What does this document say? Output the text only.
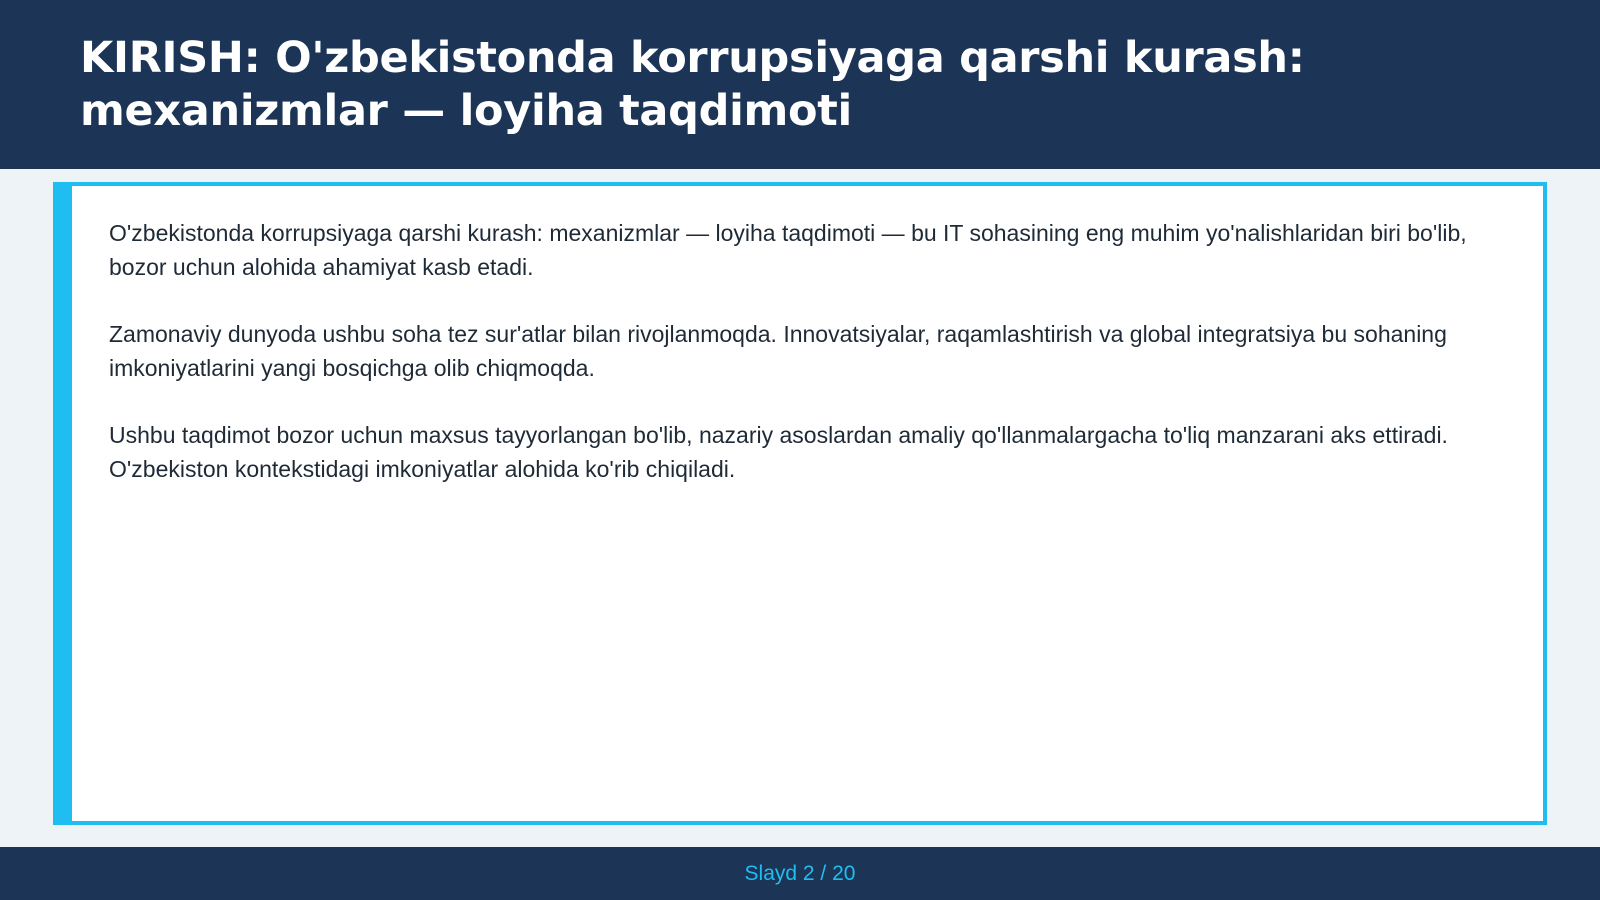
KIRISH: O'zbekistonda korrupsiyaga qarshi kurash: mexanizmlar — loyiha taqdimoti

O'zbekistonda korrupsiyaga qarshi kurash: mexanizmlar — loyiha taqdimoti — bu IT sohasining eng muhim yo'nalishlaridan biri bo'lib, bozor uchun alohida ahamiyat kasb etadi.

Zamonaviy dunyoda ushbu soha tez sur'atlar bilan rivojlanmoqda. Innovatsiyalar, raqamlashtirish va global integratsiya bu sohaning imkoniyatlarini yangi bosqichga olib chiqmoqda.

Ushbu taqdimot bozor uchun maxsus tayyorlangan bo'lib, nazariy asoslardan amaliy qo'llanmalargacha to'liq manzarani aks ettiradi. O'zbekiston kontekstidagi imkoniyatlar alohida ko'rib chiqiladi.

Slayd 2 / 20
